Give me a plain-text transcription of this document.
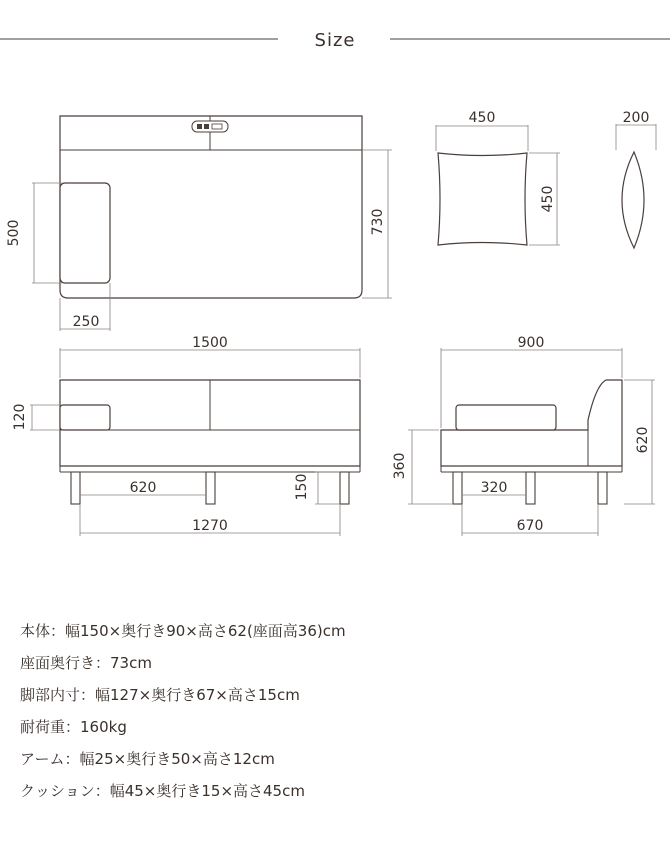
Size
500	730
250
450
450
200
1500
120
620	150
1270
900
620
360
320
670
本体：幅150×奥行き90×高さ62(座面高36)cm
座面奥行き：73cm
脚部内寸：幅127×奥行き67×高さ15cm
耐荷重：160kg
アーム：幅25×奥行き50×高さ12cm
クッション：幅45×奥行き15×高さ45cm
